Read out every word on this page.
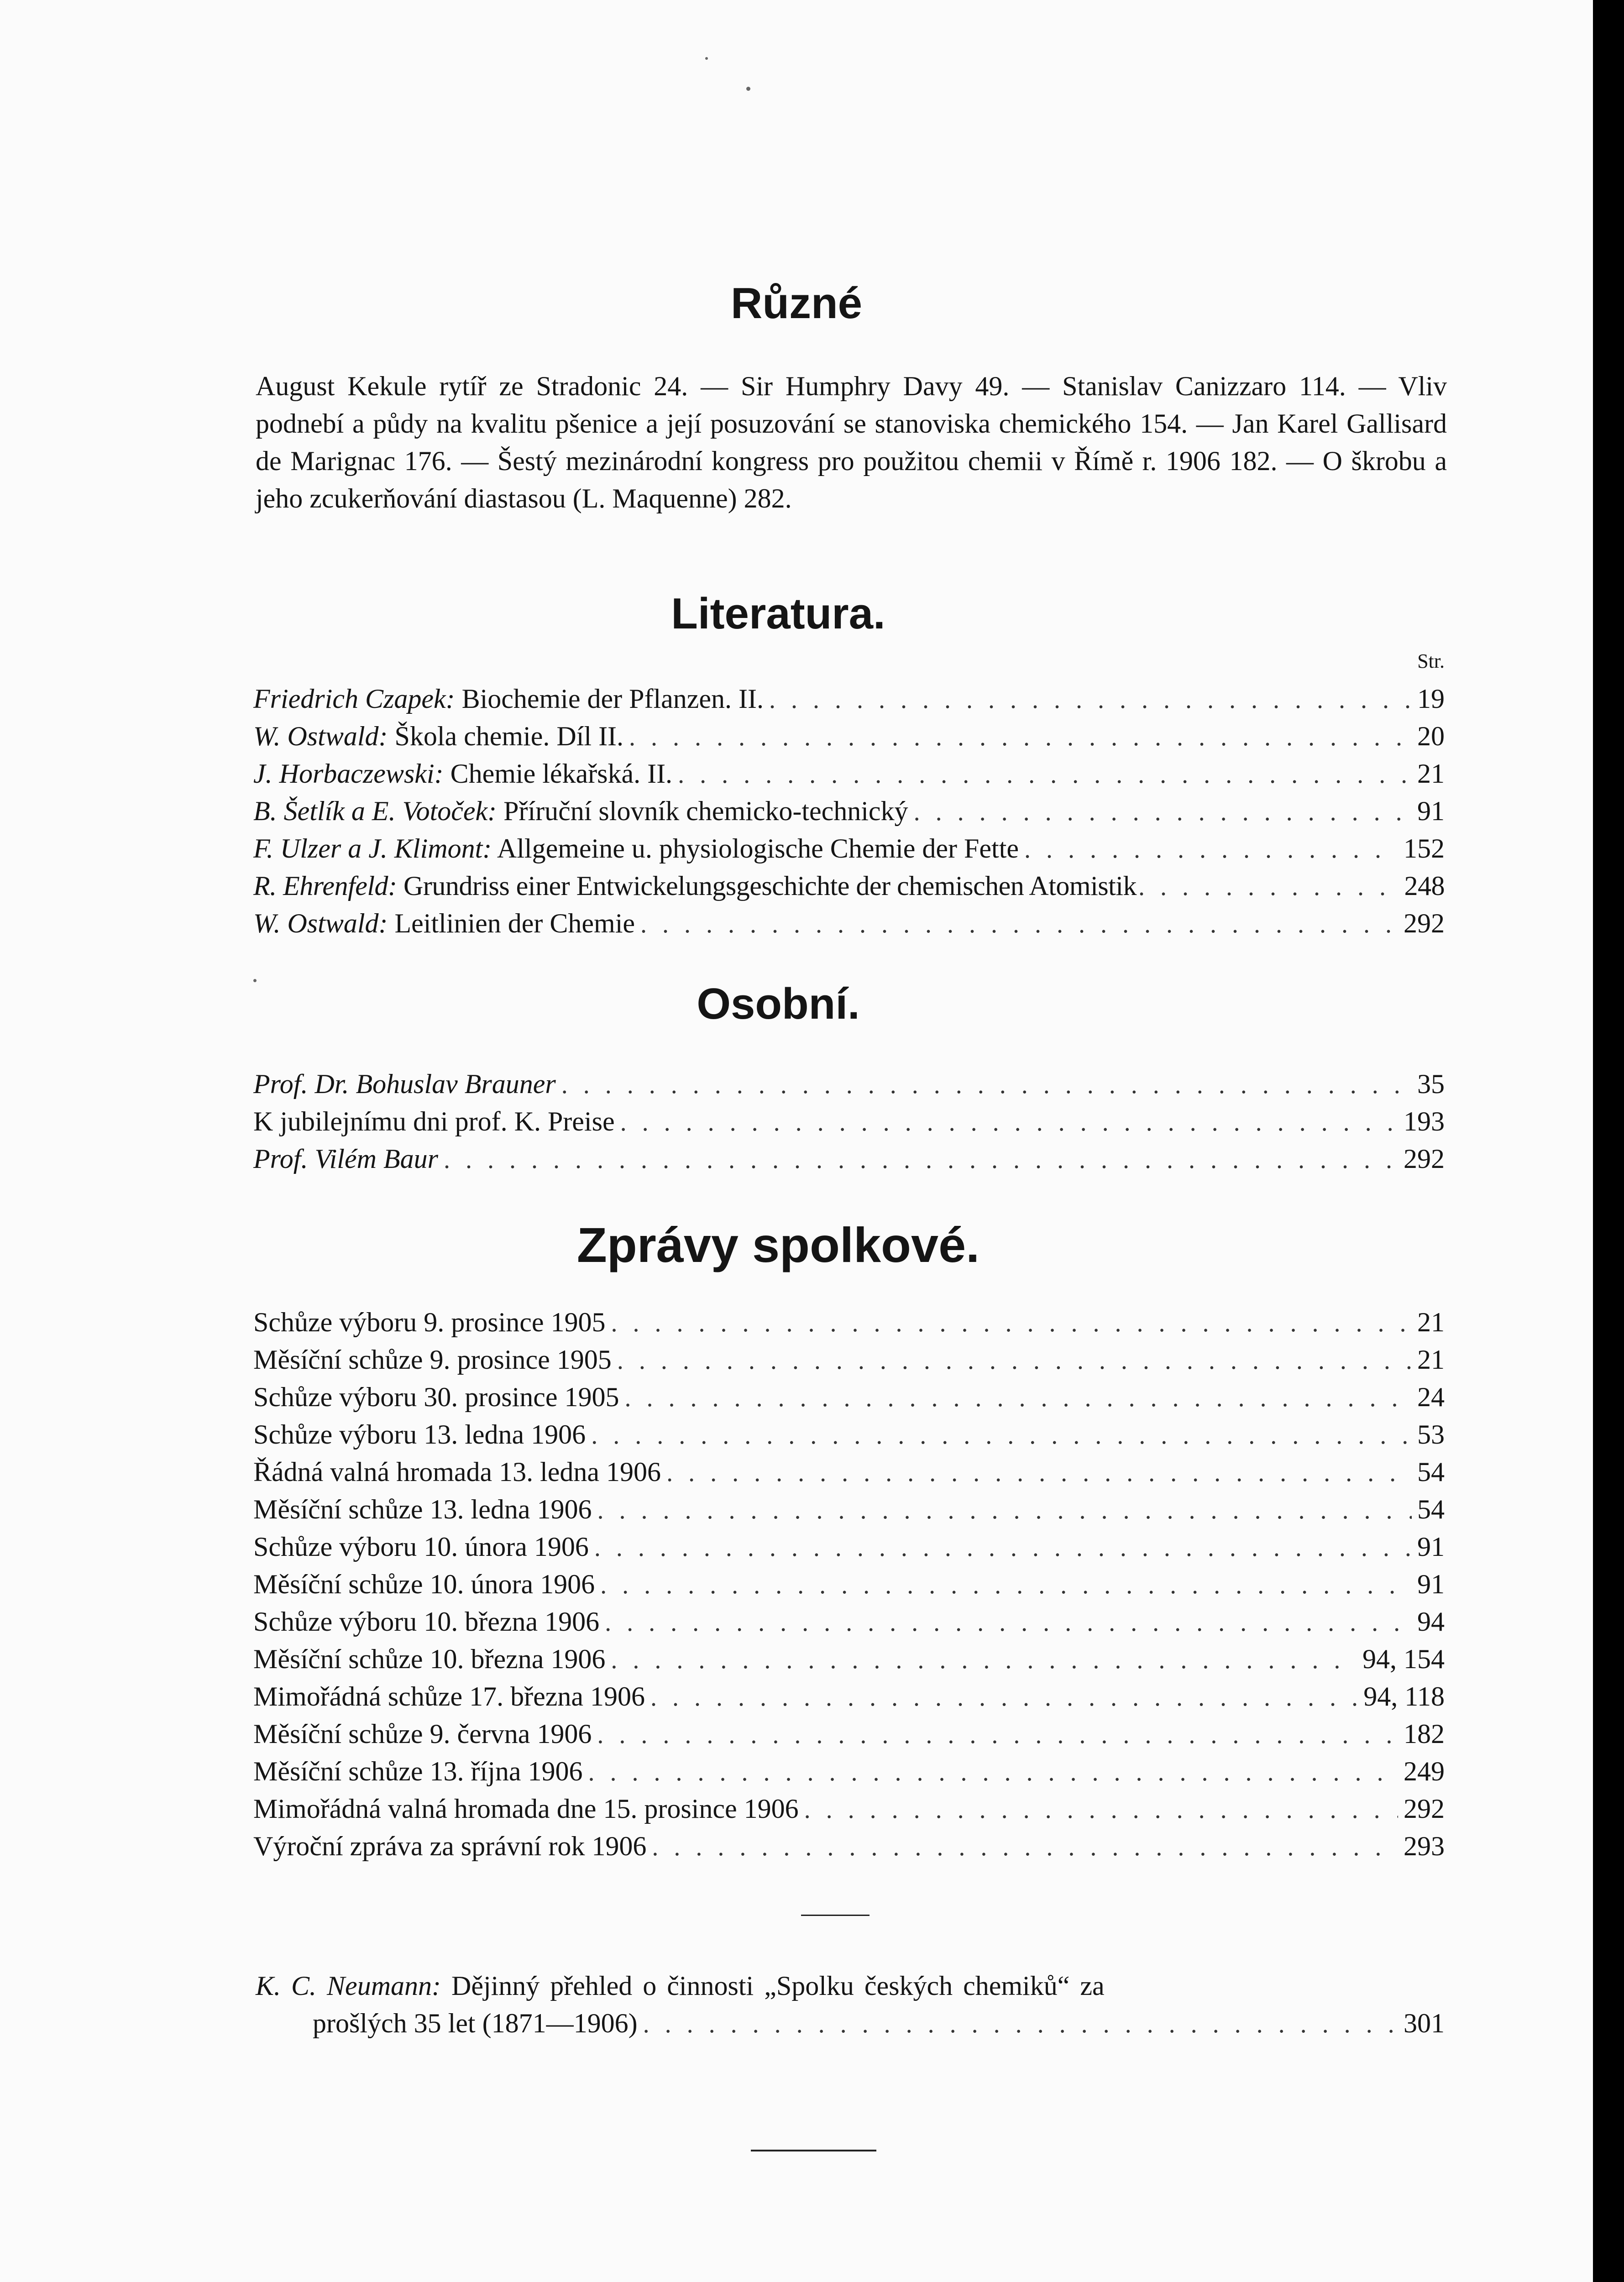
Různé

August Kekule rytíř ze Stradonic 24. — Sir Humphry Davy 49. — Stanislav Canizzaro 114. — Vliv podnebí a půdy na kvalitu pšenice a její posuzování se stanoviska chemického 154. — Jan Karel Gallisard de Marignac 176. — Šestý mezinárodní kongress pro použitou chemii v Římě r. 1906 182. — O škrobu a jeho zcukerňování diastasou (L. Maquenne) 282.

Literatura.
Str.
Friedrich Czapek: Biochemie der Pflanzen. II. . . .	19
W. Ostwald: Škola chemie. Díl II. . . .	20
J. Horbaczewski: Chemie lékařská. II. . . .	21
B. Šetlík a E. Votoček: Příruční slovník chemicko-technický . . .	91
F. Ulzer a J. Klimont: Allgemeine u. physiologische Chemie der Fette . . .	152
R. Ehrenfeld: Grundriss einer Entwickelungsgeschichte der chemischen Atomistik . . .	248
W. Ostwald: Leitlinien der Chemie . . .	292
Osobní.
Prof. Dr. Bohuslav Brauner . . .	35
K jubilejnímu dni prof. K. Preise . . .	193
Prof. Vilém Baur . . .	292
Zprávy spolkové.
Schůze výboru 9. prosince 1905 . . .	21
Měsíční schůze 9. prosince 1905 . . .	21
Schůze výboru 30. prosince 1905 . . .	24
Schůze výboru 13. ledna 1906 . . .	53
Řádná valná hromada 13. ledna 1906 . . .	54
Měsíční schůze 13. ledna 1906 . . .	54
Schůze výboru 10. února 1906 . . .	91
Měsíční schůze 10. února 1906 . . .	91
Schůze výboru 10. března 1906 . . .	94
Měsíční schůze 10. března 1906 . . .	94, 154
Mimořádná schůze 17. března 1906 . . .	94, 118
Měsíční schůze 9. června 1906 . . .	182
Měsíční schůze 13. října 1906 . . .	249
Mimořádná valná hromada dne 15. prosince 1906 . . .	292
Výroční zpráva za správní rok 1906 . . .	293
K. C. Neumann: Dějinný přehled o činnosti „Spolku českých chemiků“ za
prošlých 35 let (1871—1906) . . .	301
